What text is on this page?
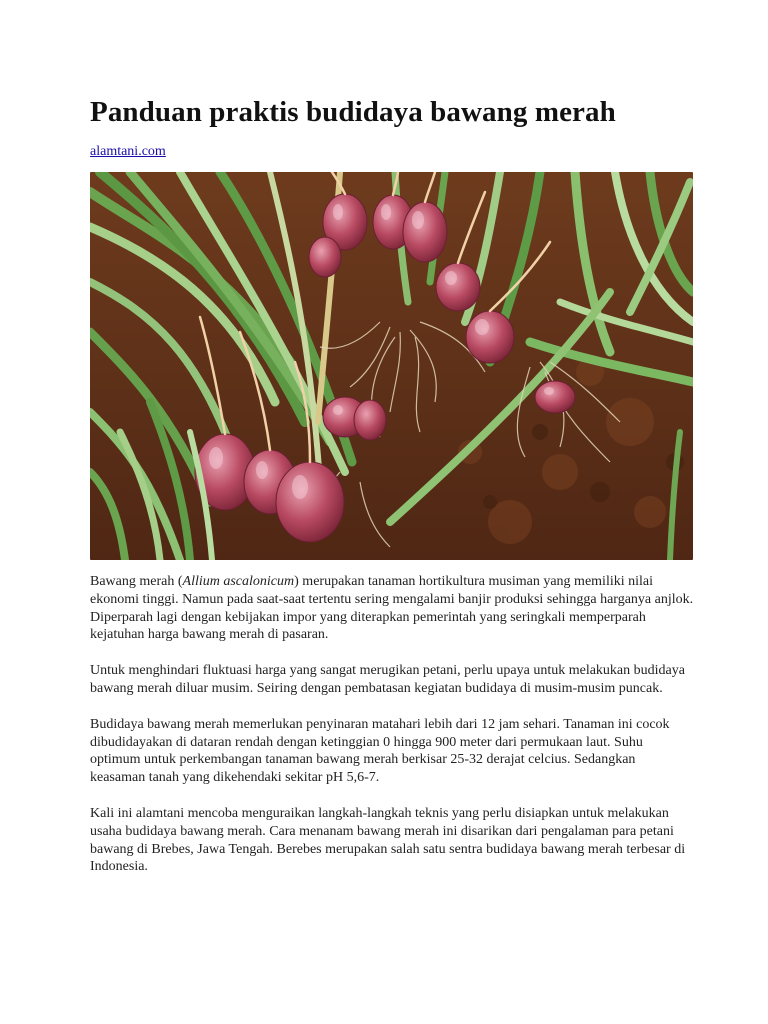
Panduan praktis budidaya bawang merah
alamtani.com

Bawang merah (Allium ascalonicum) merupakan tanaman hortikultura musiman yang memiliki nilai ekonomi tinggi. Namun pada saat-saat tertentu sering mengalami banjir produksi sehingga harganya anjlok. Diperparah lagi dengan kebijakan impor yang diterapkan pemerintah yang seringkali memperparah kejatuhan harga bawang merah di pasaran.

Untuk menghindari fluktuasi harga yang sangat merugikan petani, perlu upaya untuk melakukan budidaya bawang merah diluar musim. Seiring dengan pembatasan kegiatan budidaya di musim-musim puncak.

Budidaya bawang merah memerlukan penyinaran matahari lebih dari 12 jam sehari. Tanaman ini cocok dibudidayakan di dataran rendah dengan ketinggian 0 hingga 900 meter dari permukaan laut. Suhu optimum untuk perkembangan tanaman bawang merah berkisar 25-32 derajat celcius. Sedangkan keasaman tanah yang dikehendaki sekitar pH 5,6-7.

Kali ini alamtani mencoba menguraikan langkah-langkah teknis yang perlu disiapkan untuk melakukan usaha budidaya bawang merah. Cara menanam bawang merah ini disarikan dari pengalaman para petani bawang di Brebes, Jawa Tengah. Berebes merupakan salah satu sentra budidaya bawang merah terbesar di Indonesia.
